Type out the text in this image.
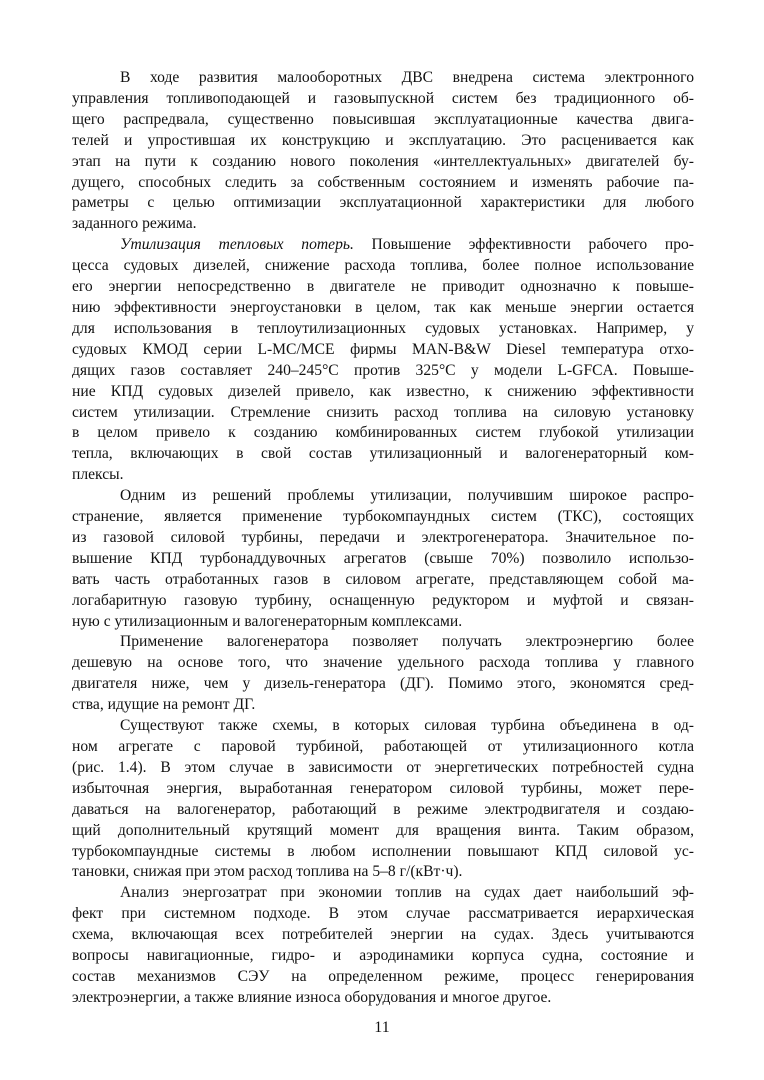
В ходе развития малооборотных ДВС внедрена система электронного
управления топливоподающей и газовыпускной систем без традиционного об-
щего распредвала, существенно повысившая эксплуатационные качества двига-
телей и упростившая их конструкцию и эксплуатацию. Это расценивается как
этап на пути к созданию нового поколения «интеллектуальных» двигателей бу-
дущего, способных следить за собственным состоянием и изменять рабочие па-
раметры с целью оптимизации эксплуатационной характеристики для любого
заданного режима.

Утилизация тепловых потерь. Повышение эффективности рабочего про-
цесса судовых дизелей, снижение расхода топлива, более полное использование
его энергии непосредственно в двигателе не приводит однозначно к повыше-
нию эффективности энергоустановки в целом, так как меньше энергии остается
для использования в теплоутилизационных судовых установках. Например, у
судовых КМОД серии L-MC/MCE фирмы MAN-B&W Diesel температура отхо-
дящих газов составляет 240–245°С против 325°С у модели L-GFCA. Повыше-
ние КПД судовых дизелей привело, как известно, к снижению эффективности
систем утилизации. Стремление снизить расход топлива на силовую установку
в целом привело к созданию комбинированных систем глубокой утилизации
тепла, включающих в свой состав утилизационный и валогенераторный ком-
плексы.

Одним из решений проблемы утилизации, получившим широкое распро-
странение, является применение турбокомпаундных систем (ТКС), состоящих
из газовой силовой турбины, передачи и электрогенератора. Значительное по-
вышение КПД турбонаддувочных агрегатов (свыше 70%) позволило использо-
вать часть отработанных газов в силовом агрегате, представляющем собой ма-
логабаритную газовую турбину, оснащенную редуктором и муфтой и связан-
ную с утилизационным и валогенераторным комплексами.

Применение валогенератора позволяет получать электроэнергию более
дешевую на основе того, что значение удельного расхода топлива у главного
двигателя ниже, чем у дизель-генератора (ДГ). Помимо этого, экономятся сред-
ства, идущие на ремонт ДГ.

Существуют также схемы, в которых силовая турбина объединена в од-
ном агрегате с паровой турбиной, работающей от утилизационного котла
(рис. 1.4). В этом случае в зависимости от энергетических потребностей судна
избыточная энергия, выработанная генератором силовой турбины, может пере-
даваться на валогенератор, работающий в режиме электродвигателя и создаю-
щий дополнительный крутящий момент для вращения винта. Таким образом,
турбокомпаундные системы в любом исполнении повышают КПД силовой ус-
тановки, снижая при этом расход топлива на 5–8 г/(кВт·ч).

Анализ энергозатрат при экономии топлив на судах дает наибольший эф-
фект при системном подходе. В этом случае рассматривается иерархическая
схема, включающая всех потребителей энергии на судах. Здесь учитываются
вопросы навигационные, гидро- и аэродинамики корпуса судна, состояние и
состав механизмов СЭУ на определенном режиме, процесс генерирования
электроэнергии, а также влияние износа оборудования и многое другое.

11
